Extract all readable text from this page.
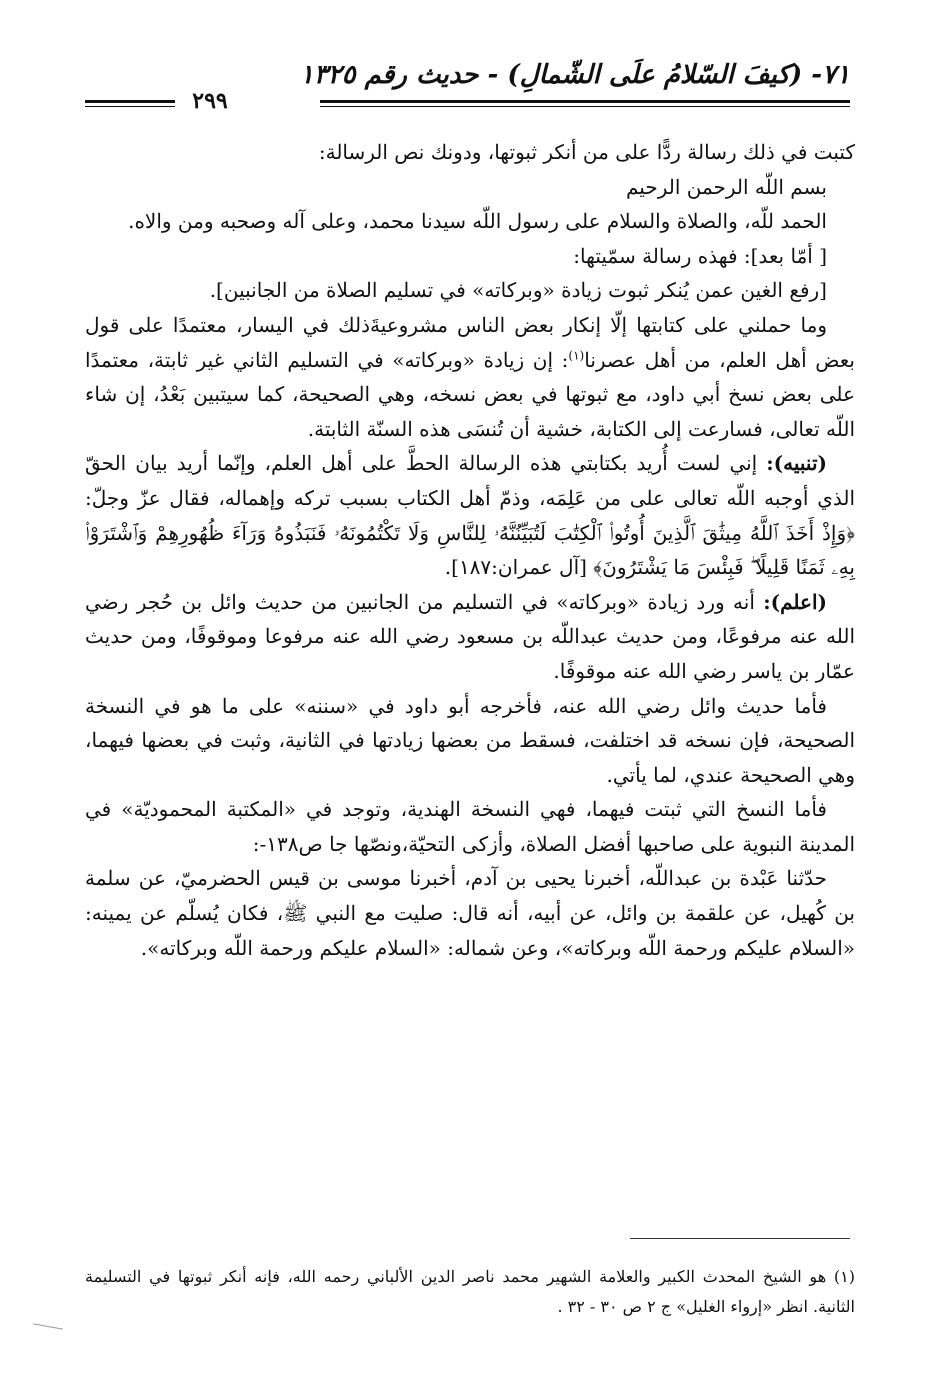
٧١- (كيفَ السّلامُ علَى الشّمالِ) - حديث رقم ١٣٢٥
٢٩٩

كتبت في ذلك رسالة ردًّا على من أنكر ثبوتها، ودونك نص الرسالة:

بسم اللّه الرحمن الرحيم

الحمد للّه، والصلاة والسلام على رسول اللّه سيدنا محمد، وعلى آله وصحبه ومن والاه.

[ أمّا بعد]: فهذه رسالة سمّيتها:

[رفع الغين عمن يُنكر ثبوت زيادة «وبركاته» في تسليم الصلاة من الجانبين].

وما حملني على كتابتها إلّا إنكار بعض الناس مشروعيةَذلك في اليسار، معتمدًا على قول بعض أهل العلم، من أهل عصرنا$^{(١)}$: إن زيادة «وبركاته» في التسليم الثاني غير ثابتة، معتمدًا على بعض نسخ أبي داود، مع ثبوتها في بعض نسخه، وهي الصحيحة، كما سيتبين بَعْدُ، إن شاء اللّه تعالى، فسارعت إلى الكتابة، خشية أن تُنسَى هذه السنّة الثابتة.

(تنبيه): إني لست أُريد بكتابتي هذه الرسالة الحطَّ على أهل العلم، وإنّما أريد بيان الحقّ الذي أوجبه اللّه تعالى على من عَلِمَه، وذمّ أهل الكتاب بسبب تركه وإهماله، فقال عزّ وجلّ: ﴿وَإِذْ أَخَذَ ٱللَّهُ مِيثَٰقَ ٱلَّذِينَ أُوتُوا۟ ٱلْكِتَٰبَ لَتُبَيِّنُنَّهُۥ لِلنَّاسِ وَلَا تَكْتُمُونَهُۥ فَنَبَذُوهُ وَرَآءَ ظُهُورِهِمْ وَٱشْتَرَوْا۟ بِهِۦ ثَمَنًا قَلِيلًا ۖ فَبِئْسَ مَا يَشْتَرُونَ﴾ [آل عمران:١٨٧].

(اعلم): أنه ورد زيادة «وبركاته» في التسليم من الجانبين من حديث وائل بن حُجر رضي الله عنه مرفوعًا، ومن حديث عبداللّه بن مسعود رضي الله عنه مرفوعا وموقوفًا، ومن حديث عمّار بن ياسر رضي الله عنه موقوفًا.

فأما حديث وائل رضي الله عنه، فأخرجه أبو داود في «سننه» على ما هو في النسخة الصحيحة، فإن نسخه قد اختلفت، فسقط من بعضها زيادتها في الثانية، وثبت في بعضها فيهما، وهي الصحيحة عندي، لما يأتي.

فأما النسخ التي ثبتت فيهما، فهي النسخة الهندية، وتوجد في «المكتبة المحموديّة» في المدينة النبوية على صاحبها أفضل الصلاة، وأزكى التحيّة،ونصّها جا ص١٣٨-:

حدّثنا عَبْدة بن عبداللّه، أخبرنا يحيى بن آدم، أخبرنا موسى بن قيس الحضرميّ، عن سلمة بن كُهيل، عن علقمة بن وائل، عن أبيه، أنه قال: صليت مع النبي ﷺ، فكان يُسلّم عن يمينه: «السلام عليكم ورحمة اللّه وبركاته»، وعن شماله: «السلام عليكم ورحمة اللّه وبركاته».

(١) هو الشيخ المحدث الكبير والعلامة الشهير محمد ناصر الدين الألباني رحمه الله، فإنه أنكر ثبوتها في التسليمة الثانية. انظر «إرواء الغليل» ج ٢ ص ٣٠ - ٣٢ .
